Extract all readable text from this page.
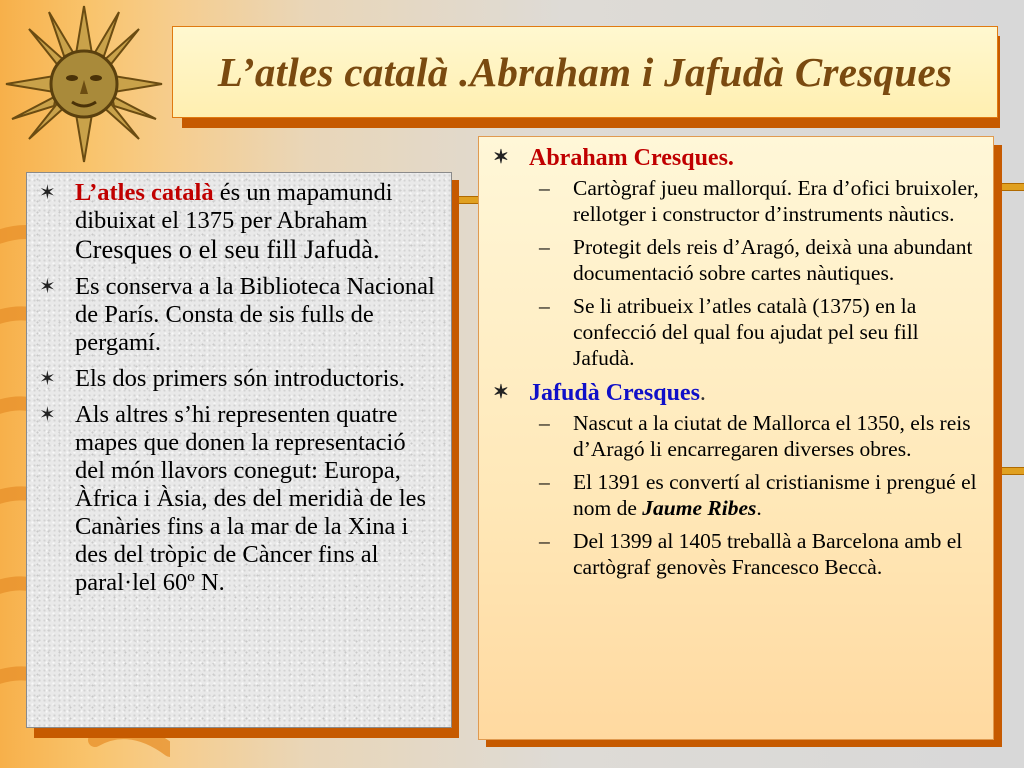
L’atles català .Abraham i Jafudà Cresques
✶ L’atles català és un mapamundi dibuixat el 1375 per Abraham Cresques o el seu fill Jafudà.
✶ Es conserva a la Biblioteca Nacional de París. Consta de sis fulls de pergamí.
✶ Els dos primers són introductoris.
✶ Als altres s’hi representen quatre mapes que donen la representació del món llavors conegut: Europa, Àfrica i Àsia, des del meridià de les Canàries fins a la mar de la Xina i des del tròpic de Càncer fins al paral·lel 60º N.
✶ Abraham Cresques.
– Cartògraf jueu mallorquí. Era d’ofici bruixoler, rellotger i constructor d’instruments nàutics.
– Protegit dels reis d’Aragó, deixà una abundant documentació sobre cartes nàutiques.
– Se li atribueix l’atles català (1375) en la confecció del qual fou ajudat pel seu fill Jafudà.
✶ Jafudà Cresques.
– Nascut a la ciutat de Mallorca el 1350, els reis d’Aragó li encarregaren diverses obres.
– El 1391 es convertí al cristianisme i prengué el nom de Jaume Ribes.
– Del 1399 al 1405 treballà a Barcelona amb el cartògraf genovès Francesco Beccà.
